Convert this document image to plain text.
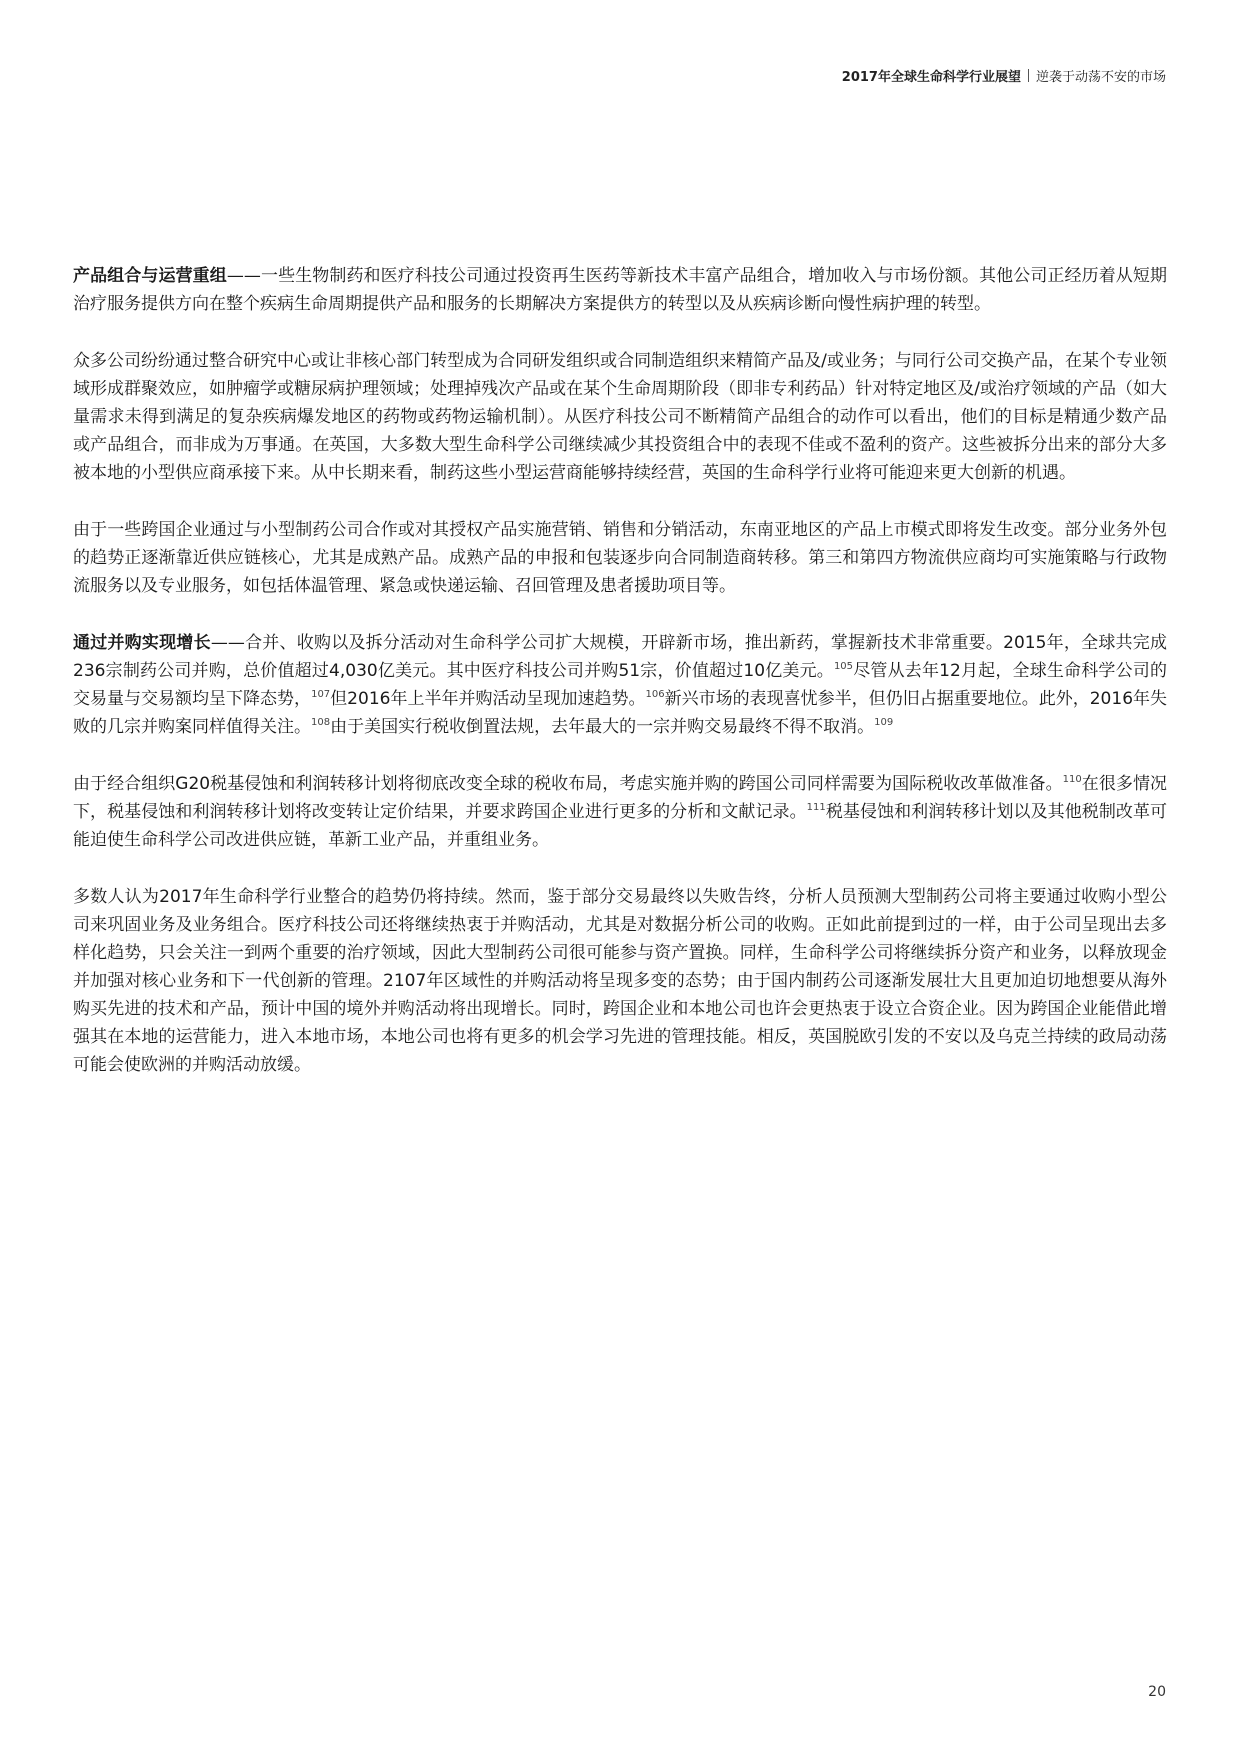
2017年全球生命科学行业展望 逆袭于动荡不安的市场

产品组合与运营重组——一些生物制药和医疗科技公司通过投资再生医药等新技术丰富产品组合，增加收入与市场份额。其他公司正经历着从短期治疗服务提供方向在整个疾病生命周期提供产品和服务的长期解决方案提供方的转型以及从疾病诊断向慢性病护理的转型。

众多公司纷纷通过整合研究中心或让非核心部门转型成为合同研发组织或合同制造组织来精简产品及/或业务；与同行公司交换产品，在某个专业领域形成群聚效应，如肿瘤学或糖尿病护理领域；处理掉残次产品或在某个生命周期阶段（即非专利药品）针对特定地区及/或治疗领域的产品（如大量需求未得到满足的复杂疾病爆发地区的药物或药物运输机制）。从医疗科技公司不断精简产品组合的动作可以看出，他们的目标是精通少数产品或产品组合，而非成为万事通。在英国，大多数大型生命科学公司继续减少其投资组合中的表现不佳或不盈利的资产。这些被拆分出来的部分大多被本地的小型供应商承接下来。从中长期来看，制药这些小型运营商能够持续经营，英国的生命科学行业将可能迎来更大创新的机遇。

由于一些跨国企业通过与小型制药公司合作或对其授权产品实施营销、销售和分销活动，东南亚地区的产品上市模式即将发生改变。部分业务外包的趋势正逐渐靠近供应链核心，尤其是成熟产品。成熟产品的申报和包装逐步向合同制造商转移。第三和第四方物流供应商均可实施策略与行政物流服务以及专业服务，如包括体温管理、紧急或快递运输、召回管理及患者援助项目等。

通过并购实现增长——合并、收购以及拆分活动对生命科学公司扩大规模，开辟新市场，推出新药，掌握新技术非常重要。2015年，全球共完成236宗制药公司并购，总价值超过4,030亿美元。其中医疗科技公司并购51宗，价值超过10亿美元。$^{105}$尽管从去年12月起，全球生命科学公司的交易量与交易额均呈下降态势，$^{107}$但2016年上半年并购活动呈现加速趋势。$^{106}$新兴市场的表现喜忧参半，但仍旧占据重要地位。此外，2016年失败的几宗并购案同样值得关注。$^{108}$由于美国实行税收倒置法规，去年最大的一宗并购交易最终不得不取消。$^{109}$

由于经合组织G20税基侵蚀和利润转移计划将彻底改变全球的税收布局，考虑实施并购的跨国公司同样需要为国际税收改革做准备。$^{110}$在很多情况下，税基侵蚀和利润转移计划将改变转让定价结果，并要求跨国企业进行更多的分析和文献记录。$^{111}$税基侵蚀和利润转移计划以及其他税制改革可能迫使生命科学公司改进供应链，革新工业产品，并重组业务。

多数人认为2017年生命科学行业整合的趋势仍将持续。然而，鉴于部分交易最终以失败告终，分析人员预测大型制药公司将主要通过收购小型公司来巩固业务及业务组合。医疗科技公司还将继续热衷于并购活动，尤其是对数据分析公司的收购。正如此前提到过的一样，由于公司呈现出去多样化趋势，只会关注一到两个重要的治疗领域，因此大型制药公司很可能参与资产置换。同样，生命科学公司将继续拆分资产和业务，以释放现金并加强对核心业务和下一代创新的管理。2107年区域性的并购活动将呈现多变的态势；由于国内制药公司逐渐发展壮大且更加迫切地想要从海外购买先进的技术和产品，预计中国的境外并购活动将出现增长。同时，跨国企业和本地公司也许会更热衷于设立合资企业。因为跨国企业能借此增强其在本地的运营能力，进入本地市场，本地公司也将有更多的机会学习先进的管理技能。相反，英国脱欧引发的不安以及乌克兰持续的政局动荡可能会使欧洲的并购活动放缓。

20
